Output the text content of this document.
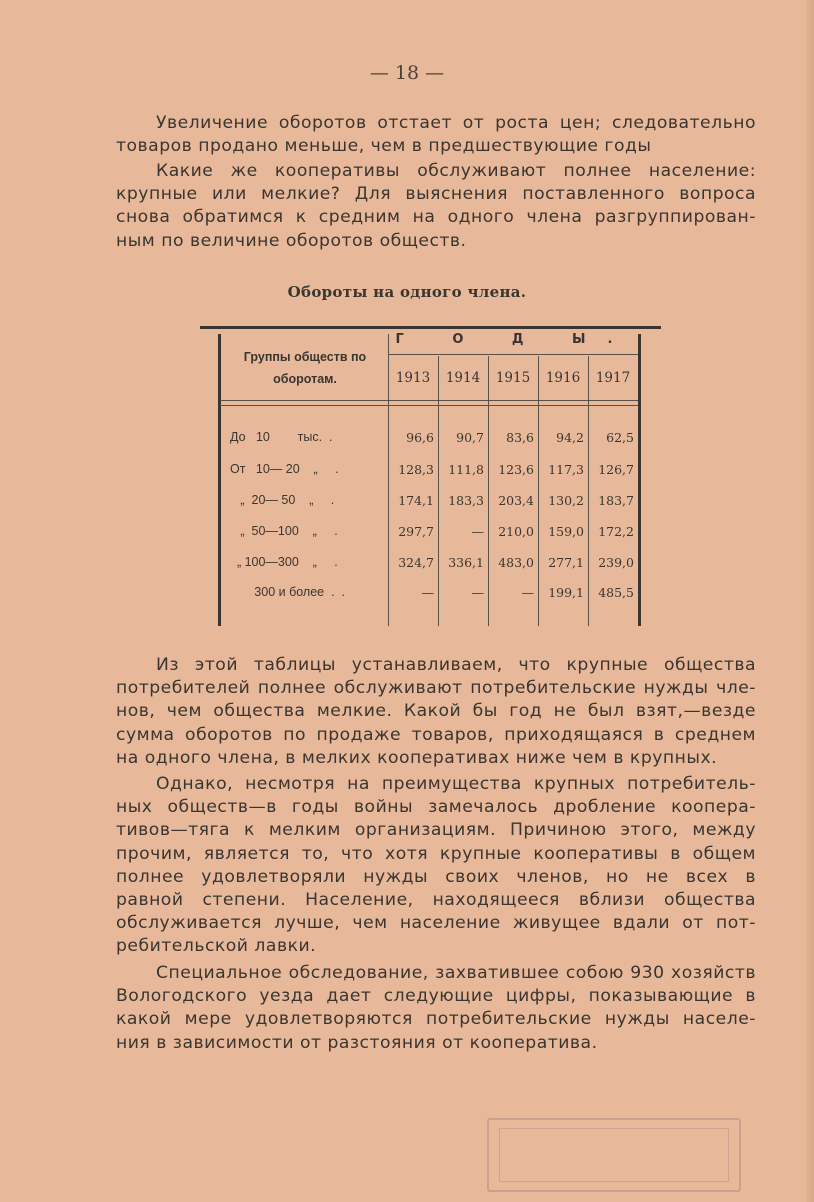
— 18 —

Увеличение оборотов отстает от роста цен; следовательно
товаров продано меньше, чем в предшествующие годы

Какие же кооперативы обслуживают полнее население:
крупные или мелкие? Для выяснения поставленного вопроса
снова обратимся к средним на одного члена разгруппирован-
ным по величине оборотов обществ.

Обороты на одного члена.
Группы обществ по оборотам.
Г О Д Ы.
1913	1914	1915	1916	1917
До   10        тыс.  .	96,6	90,7	83,6	94,2	62,5
От   10— 20    „     .	128,3	111,8	123,6	117,3	126,7
„  20— 50    „     .	174,1	183,3	203,4	130,2	183,7
„  50—100    „     .	297,7	—	210,0	159,0	172,2
„ 100—300    „     .	324,7	336,1	483,0	277,1	239,0
300 и более  .  .	—	—	—	199,1	485,5

Из этой таблицы устанавливаем, что крупные общества
потребителей полнее обслуживают потребительские нужды чле-
нов, чем общества мелкие. Какой бы год не был взят,—везде
сумма оборотов по продаже товаров, приходящаяся в среднем
на одного члена, в мелких кооперативах ниже чем в крупных.

Однако, несмотря на преимущества крупных потребитель-
ных обществ—в годы войны замечалось дробление коопера-
тивов—тяга к мелким организациям. Причиною этого, между
прочим, является то, что хотя крупные кооперативы в общем
полнее удовлетворяли нужды своих членов, но не всех в
равной степени. Население, находящееся вблизи общества
обслуживается лучше, чем население живущее вдали от пот-
ребительской лавки.

Специальное обследование, захватившее собою 930 хозяйств
Вологодского уезда дает следующие цифры, показывающие в
какой мере удовлетворяются потребительские нужды населе-
ния в зависимости от разстояния от кооператива.
